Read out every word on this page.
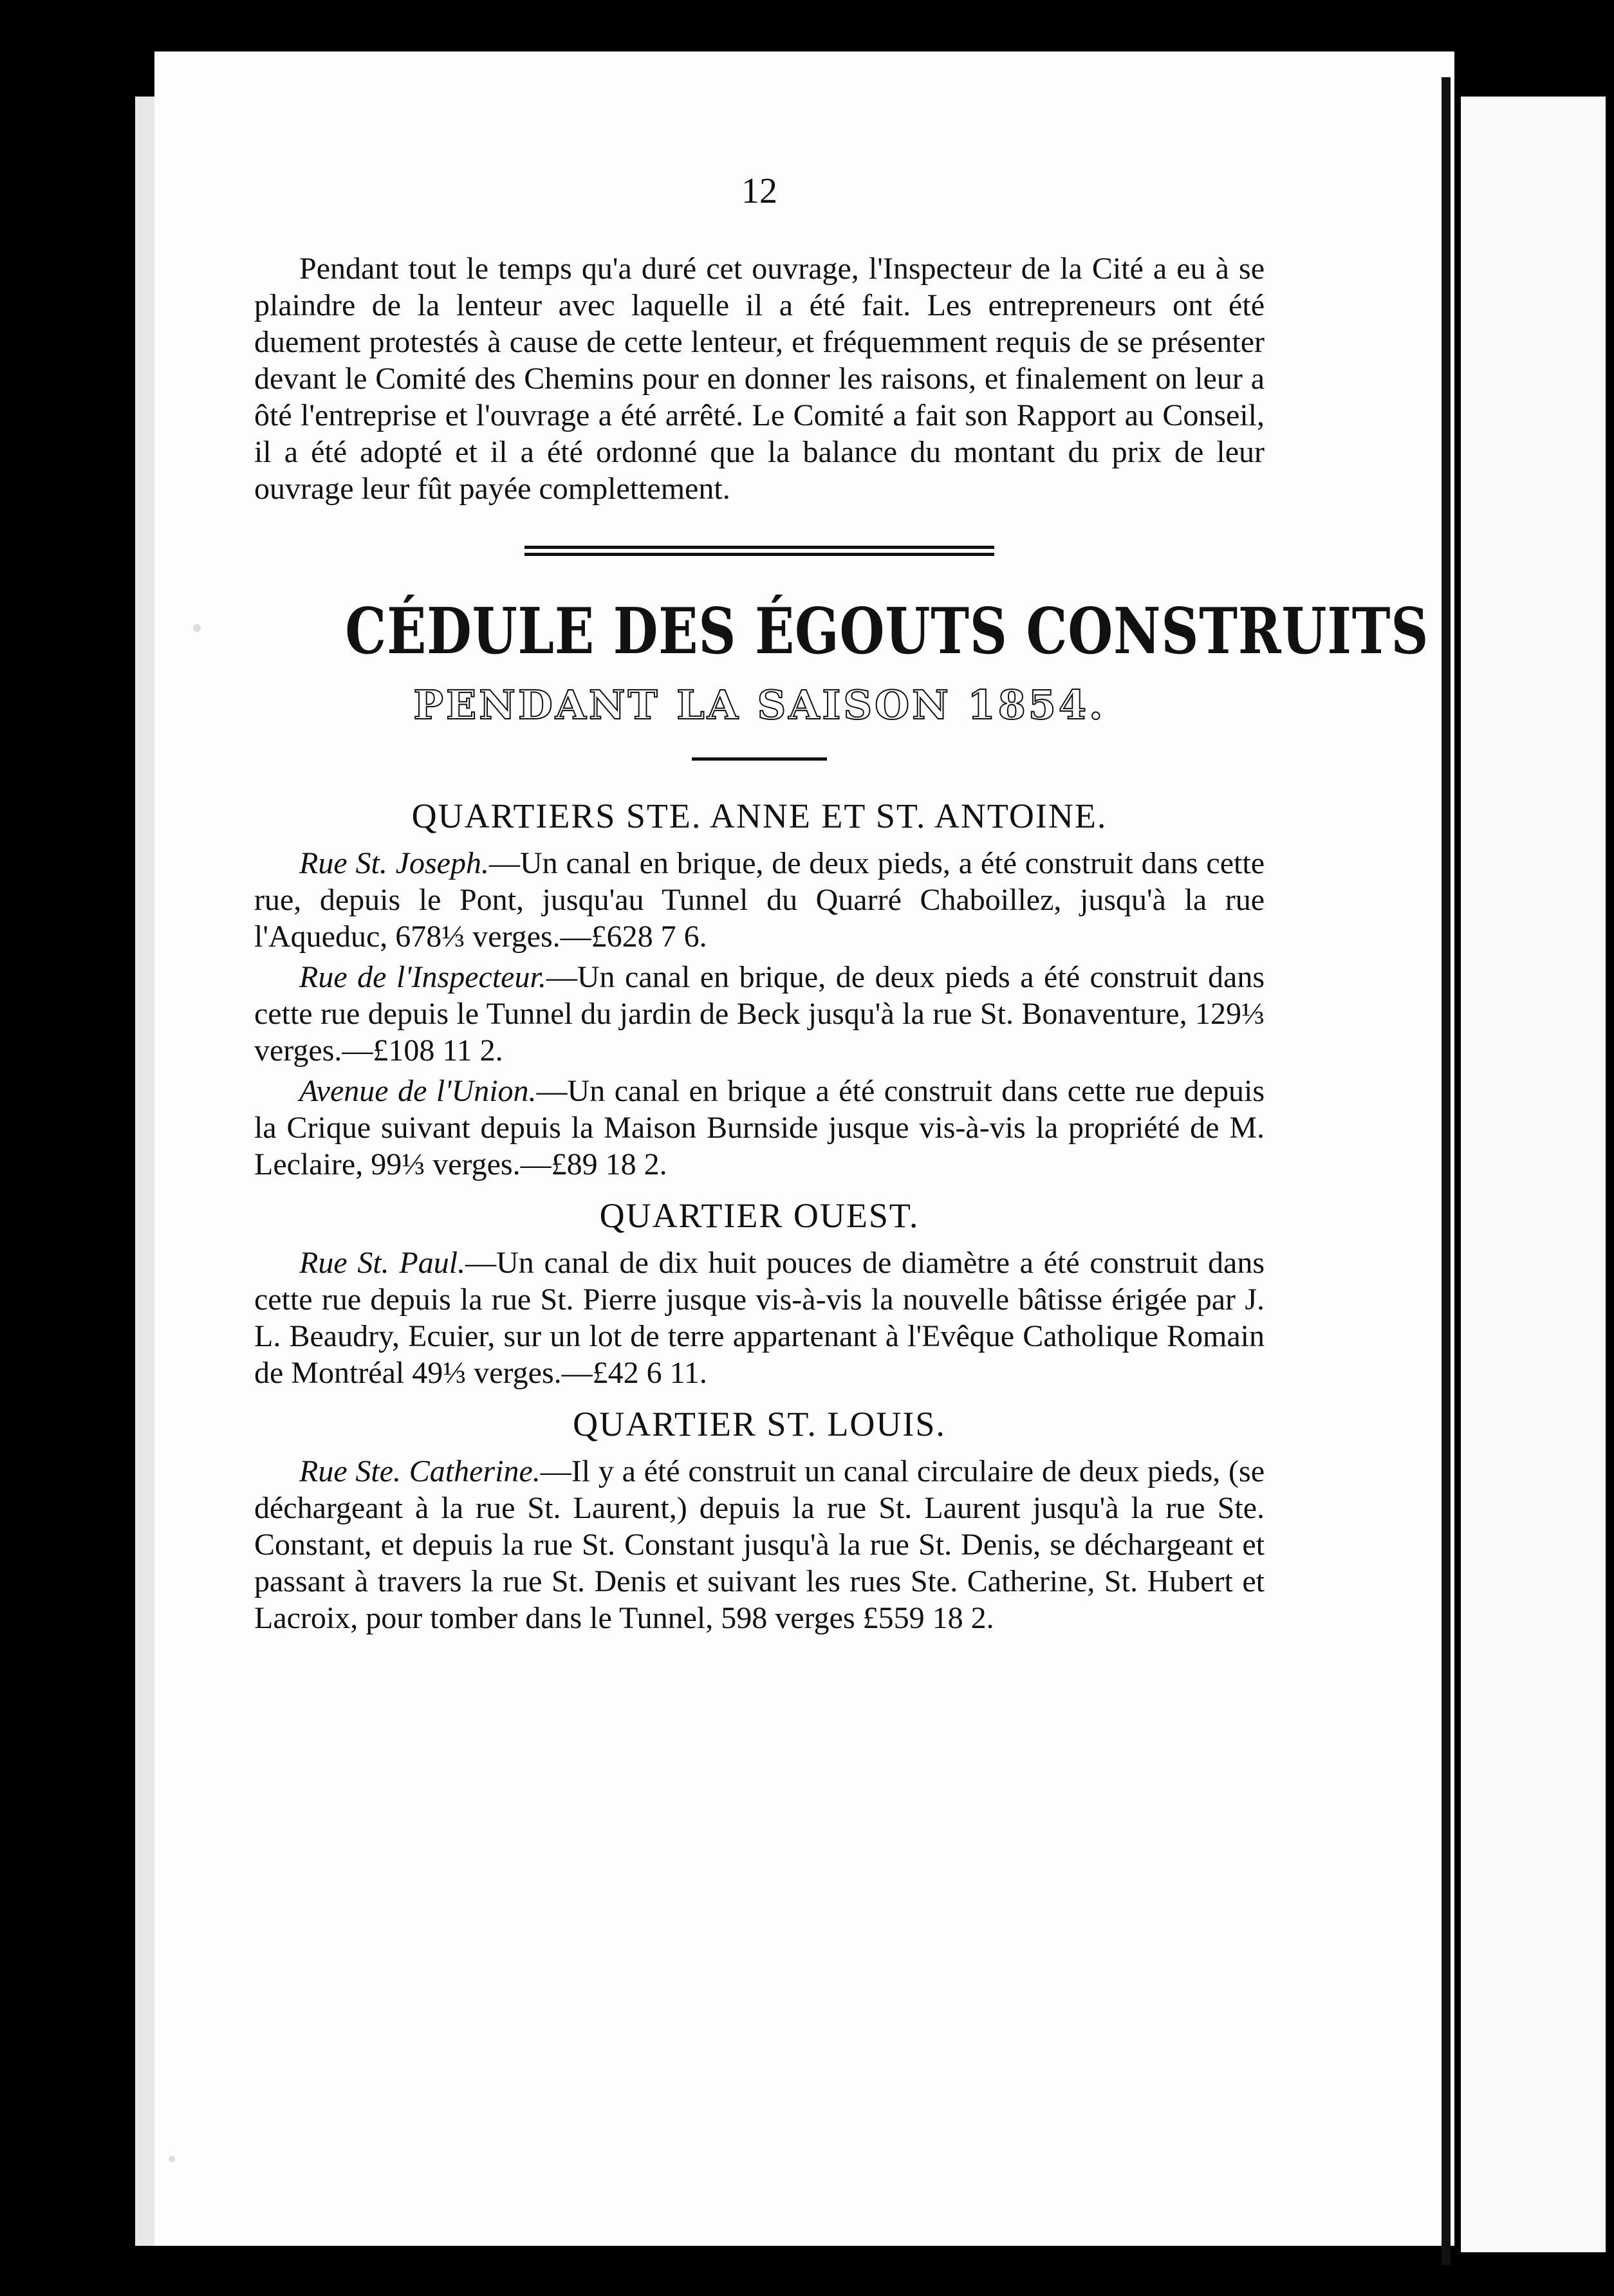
12

Pendant tout le temps qu'a duré cet ouvrage, l'Inspecteur de la Cité a eu à se plaindre de la lenteur avec laquelle il a été fait. Les entrepreneurs ont été duement protestés à cause de cette lenteur, et fréquemment requis de se présenter devant le Comité des Chemins pour en donner les raisons, et finalement on leur a ôté l'entreprise et l'ouvrage a été arrêté. Le Comité a fait son Rapport au Conseil, il a été adopté et il a été ordonné que la balance du montant du prix de leur ouvrage leur fût payée complettement.

CÉDULE DES ÉGOUTS CONSTRUITS
PENDANT LA SAISON 1854.
QUARTIERS STE. ANNE ET ST. ANTOINE.

Rue St. Joseph.—Un canal en brique, de deux pieds, a été construit dans cette rue, depuis le Pont, jusqu'au Tunnel du Quarré Chaboillez, jusqu'à la rue l'Aqueduc, 678⅓ verges.—£628 7 6.

Rue de l'Inspecteur.—Un canal en brique, de deux pieds a été construit dans cette rue depuis le Tunnel du jardin de Beck jusqu'à la rue St. Bonaventure, 129⅓ verges.—£108 11 2.

Avenue de l'Union.—Un canal en brique a été construit dans cette rue depuis la Crique suivant depuis la Maison Burnside jusque vis-à-vis la propriété de M. Leclaire, 99⅓ verges.—£89 18 2.

QUARTIER OUEST.

Rue St. Paul.—Un canal de dix huit pouces de diamètre a été construit dans cette rue depuis la rue St. Pierre jusque vis-à-vis la nouvelle bâtisse érigée par J. L. Beaudry, Ecuier, sur un lot de terre appartenant à l'Evêque Catholique Romain de Montréal 49⅓ verges.—£42 6 11.

QUARTIER ST. LOUIS.

Rue Ste. Catherine.—Il y a été construit un canal circulaire de deux pieds, (se déchargeant à la rue St. Laurent,) depuis la rue St. Laurent jusqu'à la rue Ste. Constant, et depuis la rue St. Constant jusqu'à la rue St. Denis, se déchargeant et passant à travers la rue St. Denis et suivant les rues Ste. Catherine, St. Hubert et Lacroix, pour tomber dans le Tunnel, 598 verges £559 18 2.
